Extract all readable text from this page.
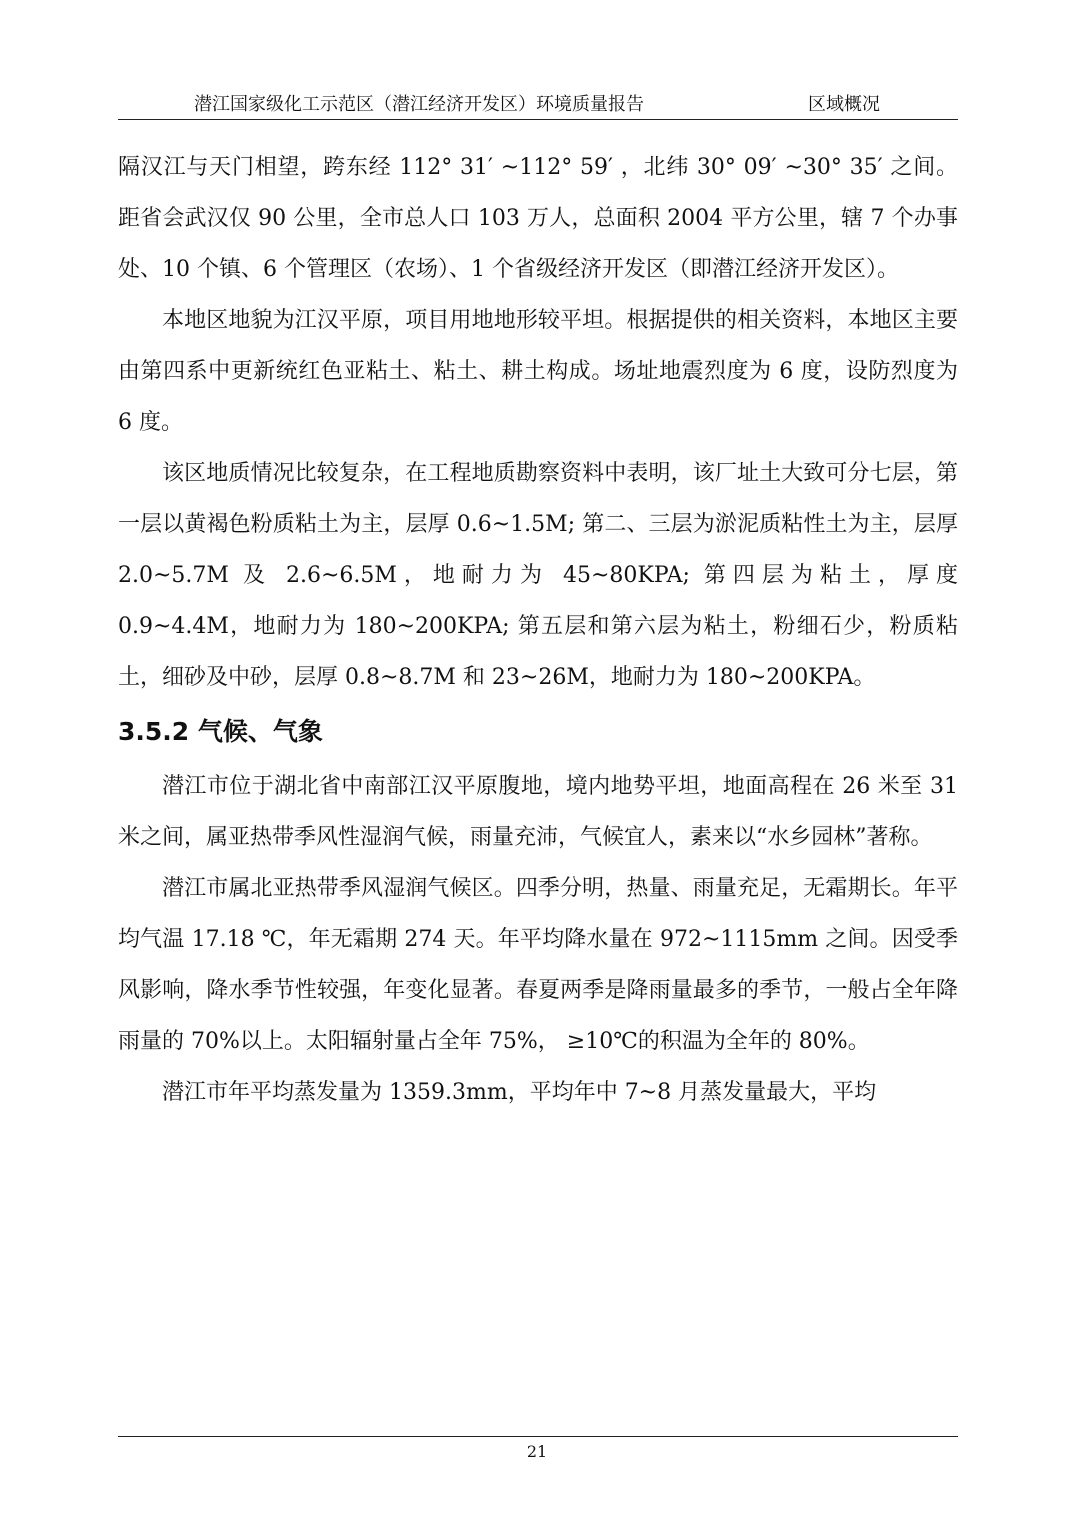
潜江国家级化工示范区（潜江经济开发区）环境质量报告	区域概况

隔汉江与天门相望，跨东经 112° 31′ ~112° 59′ ，北纬 30° 09′ ~30° 35′ 之间。距省会武汉仅 90 公里，全市总人口 103 万人，总面积 2004 平方公里，辖 7 个办事处、10 个镇、6 个管理区（农场）、1 个省级经济开发区（即潜江经济开发区）。

本地区地貌为江汉平原，项目用地地形较平坦。根据提供的相关资料，本地区主要由第四系中更新统红色亚粘土、粘土、耕土构成。场址地震烈度为 6 度，设防烈度为 6 度。

该区地质情况比较复杂，在工程地质勘察资料中表明，该厂址土大致可分七层，第一层以黄褐色粉质粘土为主，层厚 0.6~1.5M; 第二、三层为淤泥质粘性土为主，层厚 2.0~5.7M 及 2.6~6.5M，地耐力为 45~80KPA; 第四层为粘土，厚度 0.9~4.4M，地耐力为 180~200KPA; 第五层和第六层为粘土，粉细石少，粉质粘土，细砂及中砂，层厚 0.8~8.7M 和 23~26M，地耐力为 180~200KPA。

3.5.2 气候、气象

潜江市位于湖北省中南部江汉平原腹地，境内地势平坦，地面高程在 26 米至 31 米之间，属亚热带季风性湿润气候，雨量充沛，气候宜人，素来以“水乡园林”著称。

潜江市属北亚热带季风湿润气候区。四季分明，热量、雨量充足，无霜期长。年平均气温 17.18 ℃，年无霜期 274 天。年平均降水量在 972~1115mm 之间。因受季风影响，降水季节性较强，年变化显著。春夏两季是降雨量最多的季节，一般占全年降雨量的 70%以上。太阳辐射量占全年 75%， ≥10℃的积温为全年的 80%。

潜江市年平均蒸发量为 1359.3mm，平均年中 7~8 月蒸发量最大，平均

21
